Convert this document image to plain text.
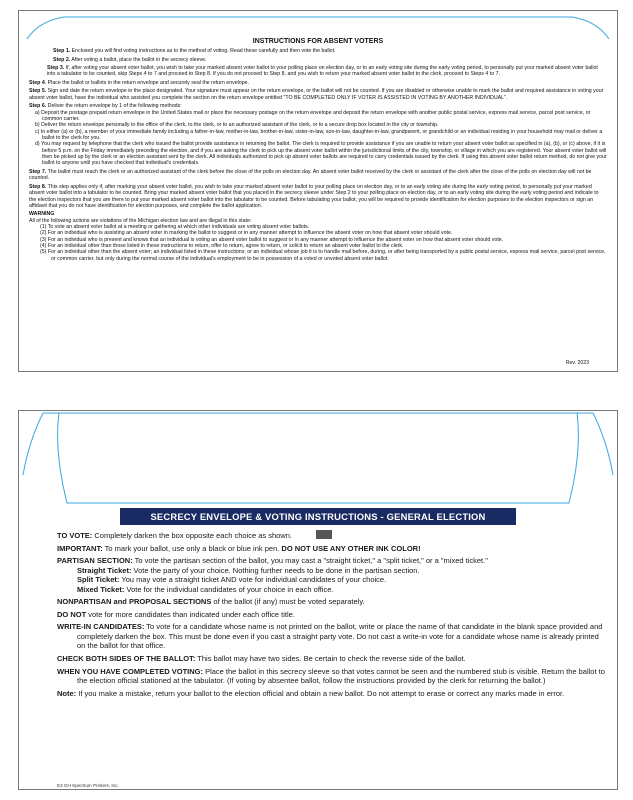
INSTRUCTIONS FOR ABSENT VOTERS

Step 1. Enclosed you will find voting instructions as to the method of voting. Read these carefully and then vote the ballot.

Step 2. After voting a ballot, place the ballot in the secrecy sleeve.

Step 3. If, after voting your absent voter ballot, you wish to take your marked absent voter ballot to your polling place on election day, or to an early voting site during the early voting period, to personally put your marked absent voter ballot into a tabulator to be counted, skip Steps 4 to 7 and proceed to Step 8. If you do not proceed to Step 8, and you wish to return your marked absent voter ballot to the clerk, proceed to Steps 4 to 7.

Step 4. Place the ballot or ballots in the return envelope and securely seal the return envelope.

Step 5. Sign and date the return envelope in the place designated. Your signature must appear on the return envelope, or the ballot will not be counted. If you are disabled or otherwise unable to mark the ballot and required assistance in voting your absent voter ballot, have the individual who assisted you complete the section on the return envelope entitled "TO BE COMPLETED ONLY IF VOTER IS ASSISTED IN VOTING BY ANOTHER INDIVIDUAL".

Step 6. Deliver the return envelope by 1 of the following methods:
a) Deposit the postage prepaid return envelope in the United States mail or place the necessary postage on the return envelope and deposit the return envelope with another public postal service, express mail service, parcel post service, or common carrier.
b) Deliver the return envelope personally to the office of the clerk, to the clerk, or to an authorized assistant of the clerk, or to a secure drop box located in the city or township.
c) In either (a) or (b), a member of your immediate family including a father-in-law, mother-in-law, brother-in-law, sister-in-law, son-in-law, daughter-in-law, grandparent, or grandchild or an individual residing in your household may mail or deliver a ballot to the clerk for you.
d) You may request by telephone that the clerk who issued the ballot provide assistance in returning the ballot. The clerk is required to provide assistance if you are unable to return your absent voter ballot as specified in (a), (b), or (c) above, if it is before 5 p.m. on the Friday immediately preceding the election, and if you are asking the clerk to pick up the absent voter ballot within the jurisdictional limits of the city, township, or village in which you are registered. Your absent voter ballot will then be picked up by the clerk or an election assistant sent by the clerk. All individuals authorized to pick up absent voter ballots are required to carry credentials issued by the clerk. If using this absent voter ballot return method, do not give your ballot to anyone until you have checked that individual's credentials.

Step 7. The ballot must reach the clerk or an authorized assistant of the clerk before the close of the polls on election day. An absent voter ballot received by the clerk or assistant of the clerk after the close of the polls on election day will not be counted.

Step 8. This step applies only if, after marking your absent voter ballot, you wish to take your marked absent voter ballot to your polling place on election day, or to an early voting site during the early voting period, to personally put your marked absent voter ballot into a tabulator to be counted. Bring your marked absent voter ballot that you placed in the secrecy sleeve under Step 2 to your polling place on election day, or to an early voting site during the early voting period and indicate to the election inspectors that you are there to put your marked absent voter ballot into the tabulator to be counted. Before tabulating your ballot, you will be required to provide identification for election purposes to the election inspectors or sign an affidavit that you do not have identification for election purposes, and complete the ballot application.

WARNING
All of the following actions are violations of the Michigan election law and are illegal in this state:
(1) To vote an absent voter ballot at a meeting or gathering at which other individuals are voting absent voter ballots.
(2) For an individual who is assisting an absent voter in marking the ballot to suggest or in any manner attempt to influence the absent voter on how that absent voter should vote.
(3) For an individual who is present and knows that an individual is voting an absent voter ballot to suggest or in any manner attempt to influence the absent voter on how that absent voter should vote.
(4) For an individual other than those listed in these instructions to return, offer to return, agree to return, or solicit to return an absent voter ballot to the clerk.
(5) For an individual other than the absent voter; an individual listed in these instructions; or an individual whose job it is to handle mail before, during, or after being transported by a public postal service, express mail service, parcel post service, or common carrier, but only during the normal course of the individual's employment to be in possession of a voted or unvoted absent voter ballot.
Rev. 2023
SECRECY ENVELOPE & VOTING INSTRUCTIONS - GENERAL ELECTION

TO VOTE: Completely darken the box opposite each choice as shown.

IMPORTANT: To mark your ballot, use only a black or blue ink pen. DO NOT USE ANY OTHER INK COLOR!

PARTISAN SECTION: To vote the partisan section of the ballot, you may cast a "straight ticket," a "split ticket," or a "mixed ticket."
Straight Ticket: Vote the party of your choice. Nothing further needs to be done in the partisan section.
Split Ticket: You may vote a straight ticket AND vote for individual candidates of your choice.
Mixed Ticket: Vote for the individual candidates of your choice in each office.

NONPARTISAN and PROPOSAL SECTIONS of the ballot (if any) must be voted separately.

DO NOT vote for more candidates than indicated under each office title.

WRITE-IN CANDIDATES: To vote for a candidate whose name is not printed on the ballot, write or place the name of that candidate in the blank space provided and completely darken the box. This must be done even if you cast a straight party vote. Do not cast a write-in vote for a candidate whose name is already printed on the ballot for that office.

CHECK BOTH SIDES OF THE BALLOT: This ballot may have two sides. Be certain to check the reverse side of the ballot.

WHEN YOU HAVE COMPLETED VOTING: Place the ballot in this secrecy sleeve so that votes cannot be seen and the numbered stub is visible. Return the ballot to the election official stationed at the tabulator. (If voting by absentee ballot, follow the instructions provided by the clerk for returning the ballot.)

Note: If you make a mistake, return your ballot to the election official and obtain a new ballot. Do not attempt to erase or correct any marks made in error.

E3 GH Spectrum Printers, Inc.
